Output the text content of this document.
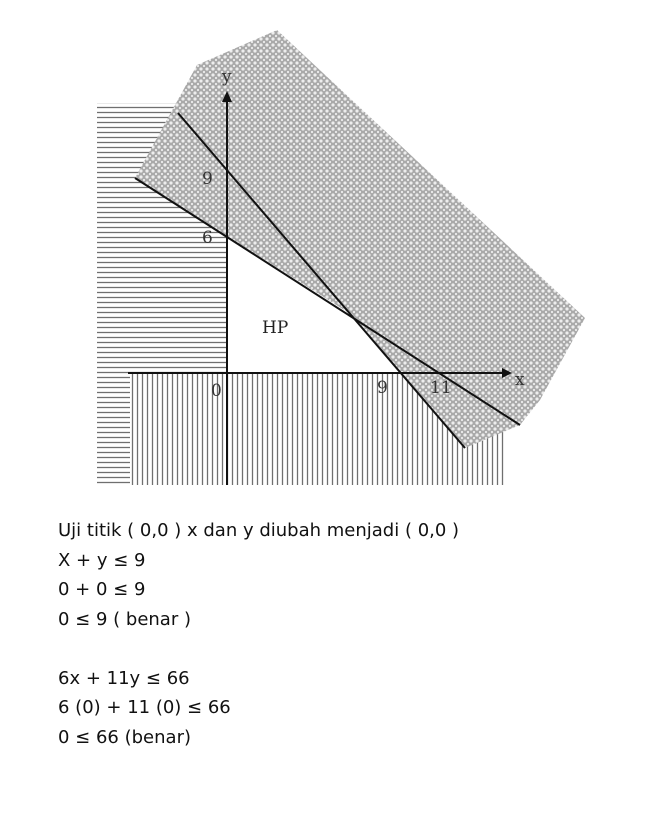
y
x
0	9 11
9
6
HP
Uji titik ( 0,0 ) x dan y diubah menjadi ( 0,0 )
X + y ≤ 9
0 + 0 ≤ 9
0 ≤ 9 ( benar )
6x + 11y ≤ 66
6 (0) + 11 (0) ≤ 66
0 ≤ 66 (benar)
